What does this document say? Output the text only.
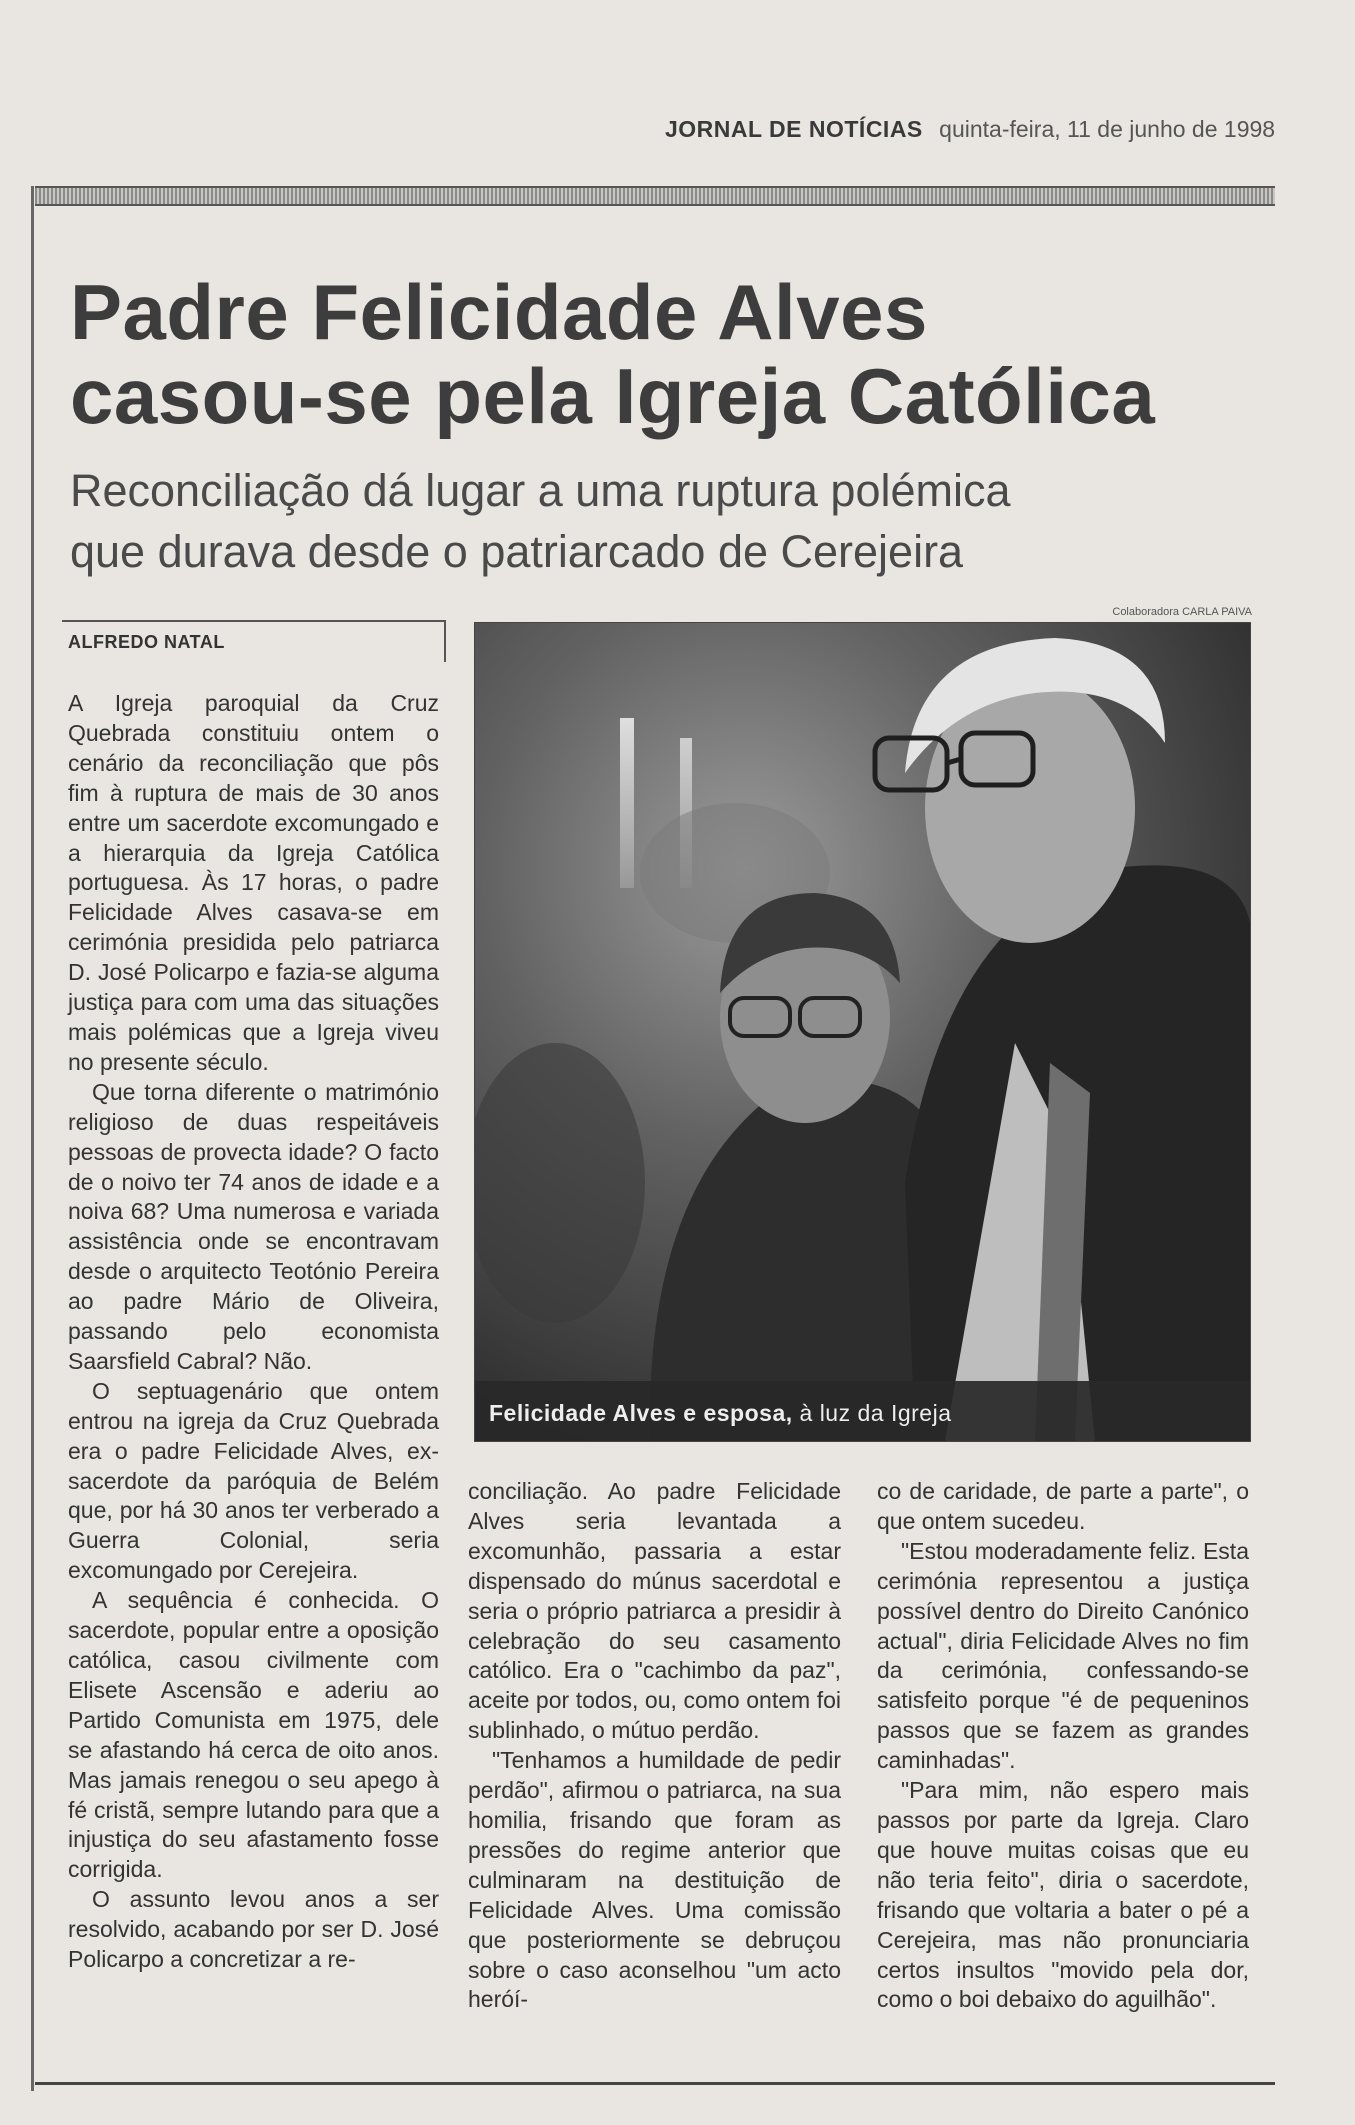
JORNAL DE NOTÍCIAS quinta-feira, 11 de junho de 1998
Padre Felicidade Alves
casou-se pela Igreja Católica
Reconciliação dá lugar a uma ruptura polémica
que durava desde o patriarcado de Cerejeira
ALFREDO NATAL
Colaboradora CARLA PAIVA
Felicidade Alves e esposa, à luz da Igreja

A Igreja paroquial da Cruz Quebrada constituiu ontem o cenário da reconciliação que pôs fim à ruptura de mais de 30 anos entre um sacerdote excomungado e a hierarquia da Igreja Católica portuguesa. Às 17 horas, o padre Felicidade Alves casava-se em cerimónia presidida pelo patriarca D. José Policarpo e fazia-se alguma justiça para com uma das situações mais polémicas que a Igreja viveu no presente século.

Que torna diferente o matrimónio religioso de duas respeitáveis pessoas de provecta idade? O facto de o noivo ter 74 anos de idade e a noiva 68? Uma numerosa e variada assistência onde se encontravam desde o arquitecto Teotónio Pereira ao padre Mário de Oliveira, passando pelo economista Saarsfield Cabral? Não.

O septuagenário que ontem entrou na igreja da Cruz Quebrada era o padre Felicidade Alves, ex-sacerdote da paróquia de Belém que, por há 30 anos ter verberado a Guerra Colonial, seria excomungado por Cerejeira.

A sequência é conhecida. O sacerdote, popular entre a oposição católica, casou civilmente com Elisete Ascensão e aderiu ao Partido Comunista em 1975, dele se afastando há cerca de oito anos. Mas jamais renegou o seu apego à fé cristã, sempre lutando para que a injustiça do seu afastamento fosse corrigida.

O assunto levou anos a ser resolvido, acabando por ser D. José Policarpo a concretizar a re-

conciliação. Ao padre Felicidade Alves seria levantada a excomunhão, passaria a estar dispensado do múnus sacerdotal e seria o próprio patriarca a presidir à celebração do seu casamento católico. Era o "cachimbo da paz", aceite por todos, ou, como ontem foi sublinhado, o mútuo perdão.

"Tenhamos a humildade de pedir perdão", afirmou o patriarca, na sua homilia, frisando que foram as pressões do regime anterior que culminaram na destituição de Felicidade Alves. Uma comissão que posteriormente se debruçou sobre o caso aconselhou "um acto heróí-

co de caridade, de parte a parte", o que ontem sucedeu.

"Estou moderadamente feliz. Esta cerimónia representou a justiça possível dentro do Direito Canónico actual", diria Felicidade Alves no fim da cerimónia, confessando-se satisfeito porque "é de pequeninos passos que se fazem as grandes caminhadas".

"Para mim, não espero mais passos por parte da Igreja. Claro que houve muitas coisas que eu não teria feito", diria o sacerdote, frisando que voltaria a bater o pé a Cerejeira, mas não pronunciaria certos insultos "movido pela dor, como o boi debaixo do aguilhão".
